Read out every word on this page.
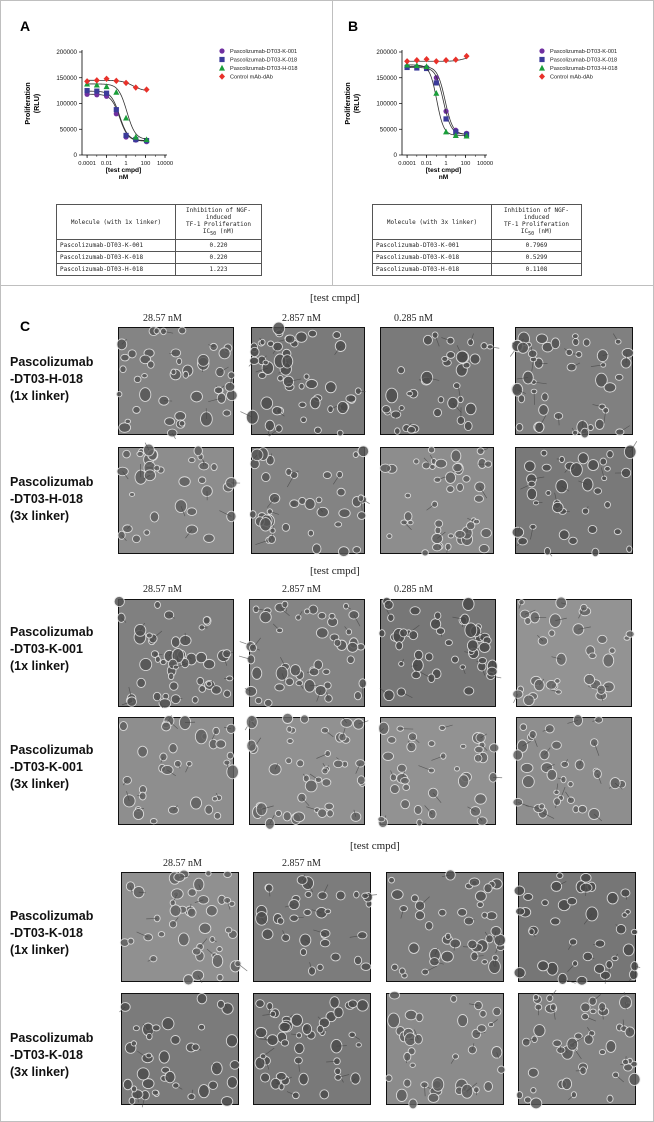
A	B
C
0
50000
100000
150000
200000
0.0001 0.01 1 100 10000
Proliferation (RLU)
[test cmpd]
nM
Pascolizumab-DT03-K-001
Pascolizumab-DT03-K-018
Pascolizumab-DT03-H-018
Control mAb-dAb
0
50000
100000
150000
200000
0.0001 0.01 1 100 10000
Proliferation (RLU)
[test cmpd]
nM
Pascolizumab-DT03-K-001
Pascolizumab-DT03-K-018
Pascolizumab-DT03-H-018
Control mAb-dAb
Molecule (with 1x linker)	Inhibition of NGF-induced
TF-1 Proliferation
$IC_{50}$ (nM)
Pascolizumab-DT03-K-001	0.220
Pascolizumab-DT03-K-018	0.220
Pascolizumab-DT03-H-018	1.223
Molecule (with 3x linker)	Inhibition of NGF-induced
TF-1 Proliferation
$IC_{50}$ (nM)
Pascolizumab-DT03-K-001	0.7969
Pascolizumab-DT03-K-018	0.5299
Pascolizumab-DT03-H-018	0.1108
[test cmpd]
28.57 nM	2.857 nM	0.285 nM
Pascolizumab
-DT03-H-018
(1x linker)
Pascolizumab
-DT03-H-018
(3x linker)
[test cmpd]
28.57 nM	2.857 nM	0.285 nM
Pascolizumab
-DT03-K-001
(1x linker)
Pascolizumab
-DT03-K-001
(3x linker)
[test cmpd]
28.57 nM	2.857 nM
Pascolizumab
-DT03-K-018
(1x linker)
Pascolizumab
-DT03-K-018
(3x linker)
